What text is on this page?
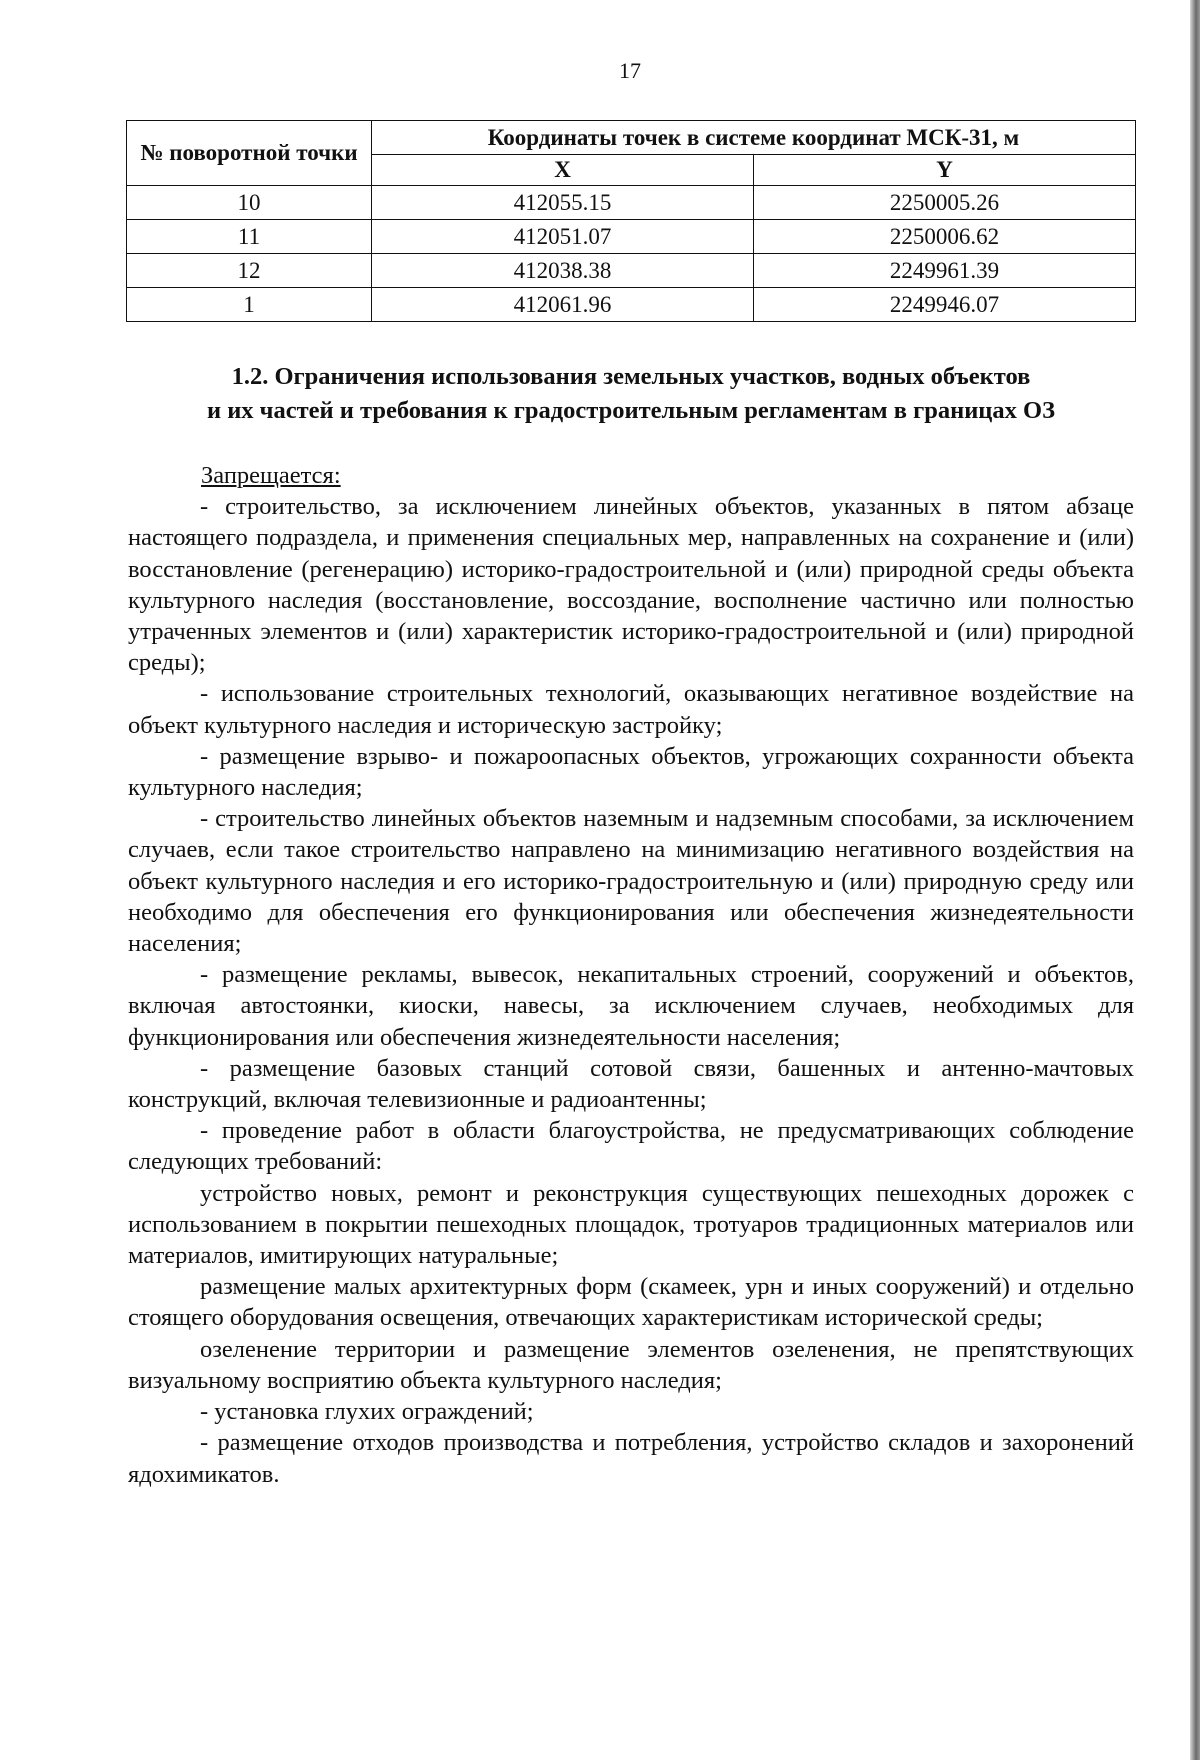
17
№ поворотной точки	Координаты точек в системе координат МСК-31, м	
	X	Y
10	412055.15	2250005.26
11	412051.07	2250006.62
12	412038.38	2249961.39
1	412061.96	2249946.07
1.2. Ограничения использования земельных участков, водных объектов
и их частей и требования к градостроительным регламентам в границах ОЗ

Запрещается:

- строительство, за исключением линейных объектов, указанных в пятом абзаце настоящего подраздела, и применения специальных мер, направленных на сохранение и (или) восстановление (регенерацию) историко-градостроительной и (или) природной среды объекта культурного наследия (восстановление, воссоздание, восполнение частично или полностью утраченных элементов и (или) характеристик историко-градостроительной и (или) природной среды);

- использование строительных технологий, оказывающих негативное воздействие на объект культурного наследия и историческую застройку;

- размещение взрыво- и пожароопасных объектов, угрожающих сохранности объекта культурного наследия;

- строительство линейных объектов наземным и надземным способами, за исключением случаев, если такое строительство направлено на минимизацию негативного воздействия на объект культурного наследия и его историко-градостроительную и (или) природную среду или необходимо для обеспечения его функционирования или обеспечения жизнедеятельности населения;

- размещение рекламы, вывесок, некапитальных строений, сооружений и объектов, включая автостоянки, киоски, навесы, за исключением случаев, необходимых для функционирования или обеспечения жизнедеятельности населения;

- размещение базовых станций сотовой связи, башенных и антенно-мачтовых конструкций, включая телевизионные и радиоантенны;

- проведение работ в области благоустройства, не предусматривающих соблюдение следующих требований:

устройство новых, ремонт и реконструкция существующих пешеходных дорожек с использованием в покрытии пешеходных площадок, тротуаров традиционных материалов или материалов, имитирующих натуральные;

размещение малых архитектурных форм (скамеек, урн и иных сооружений) и отдельно стоящего оборудования освещения, отвечающих характеристикам исторической среды;

озеленение территории и размещение элементов озеленения, не препятствующих визуальному восприятию объекта культурного наследия;

- установка глухих ограждений;

- размещение отходов производства и потребления, устройство складов и захоронений ядохимикатов.
